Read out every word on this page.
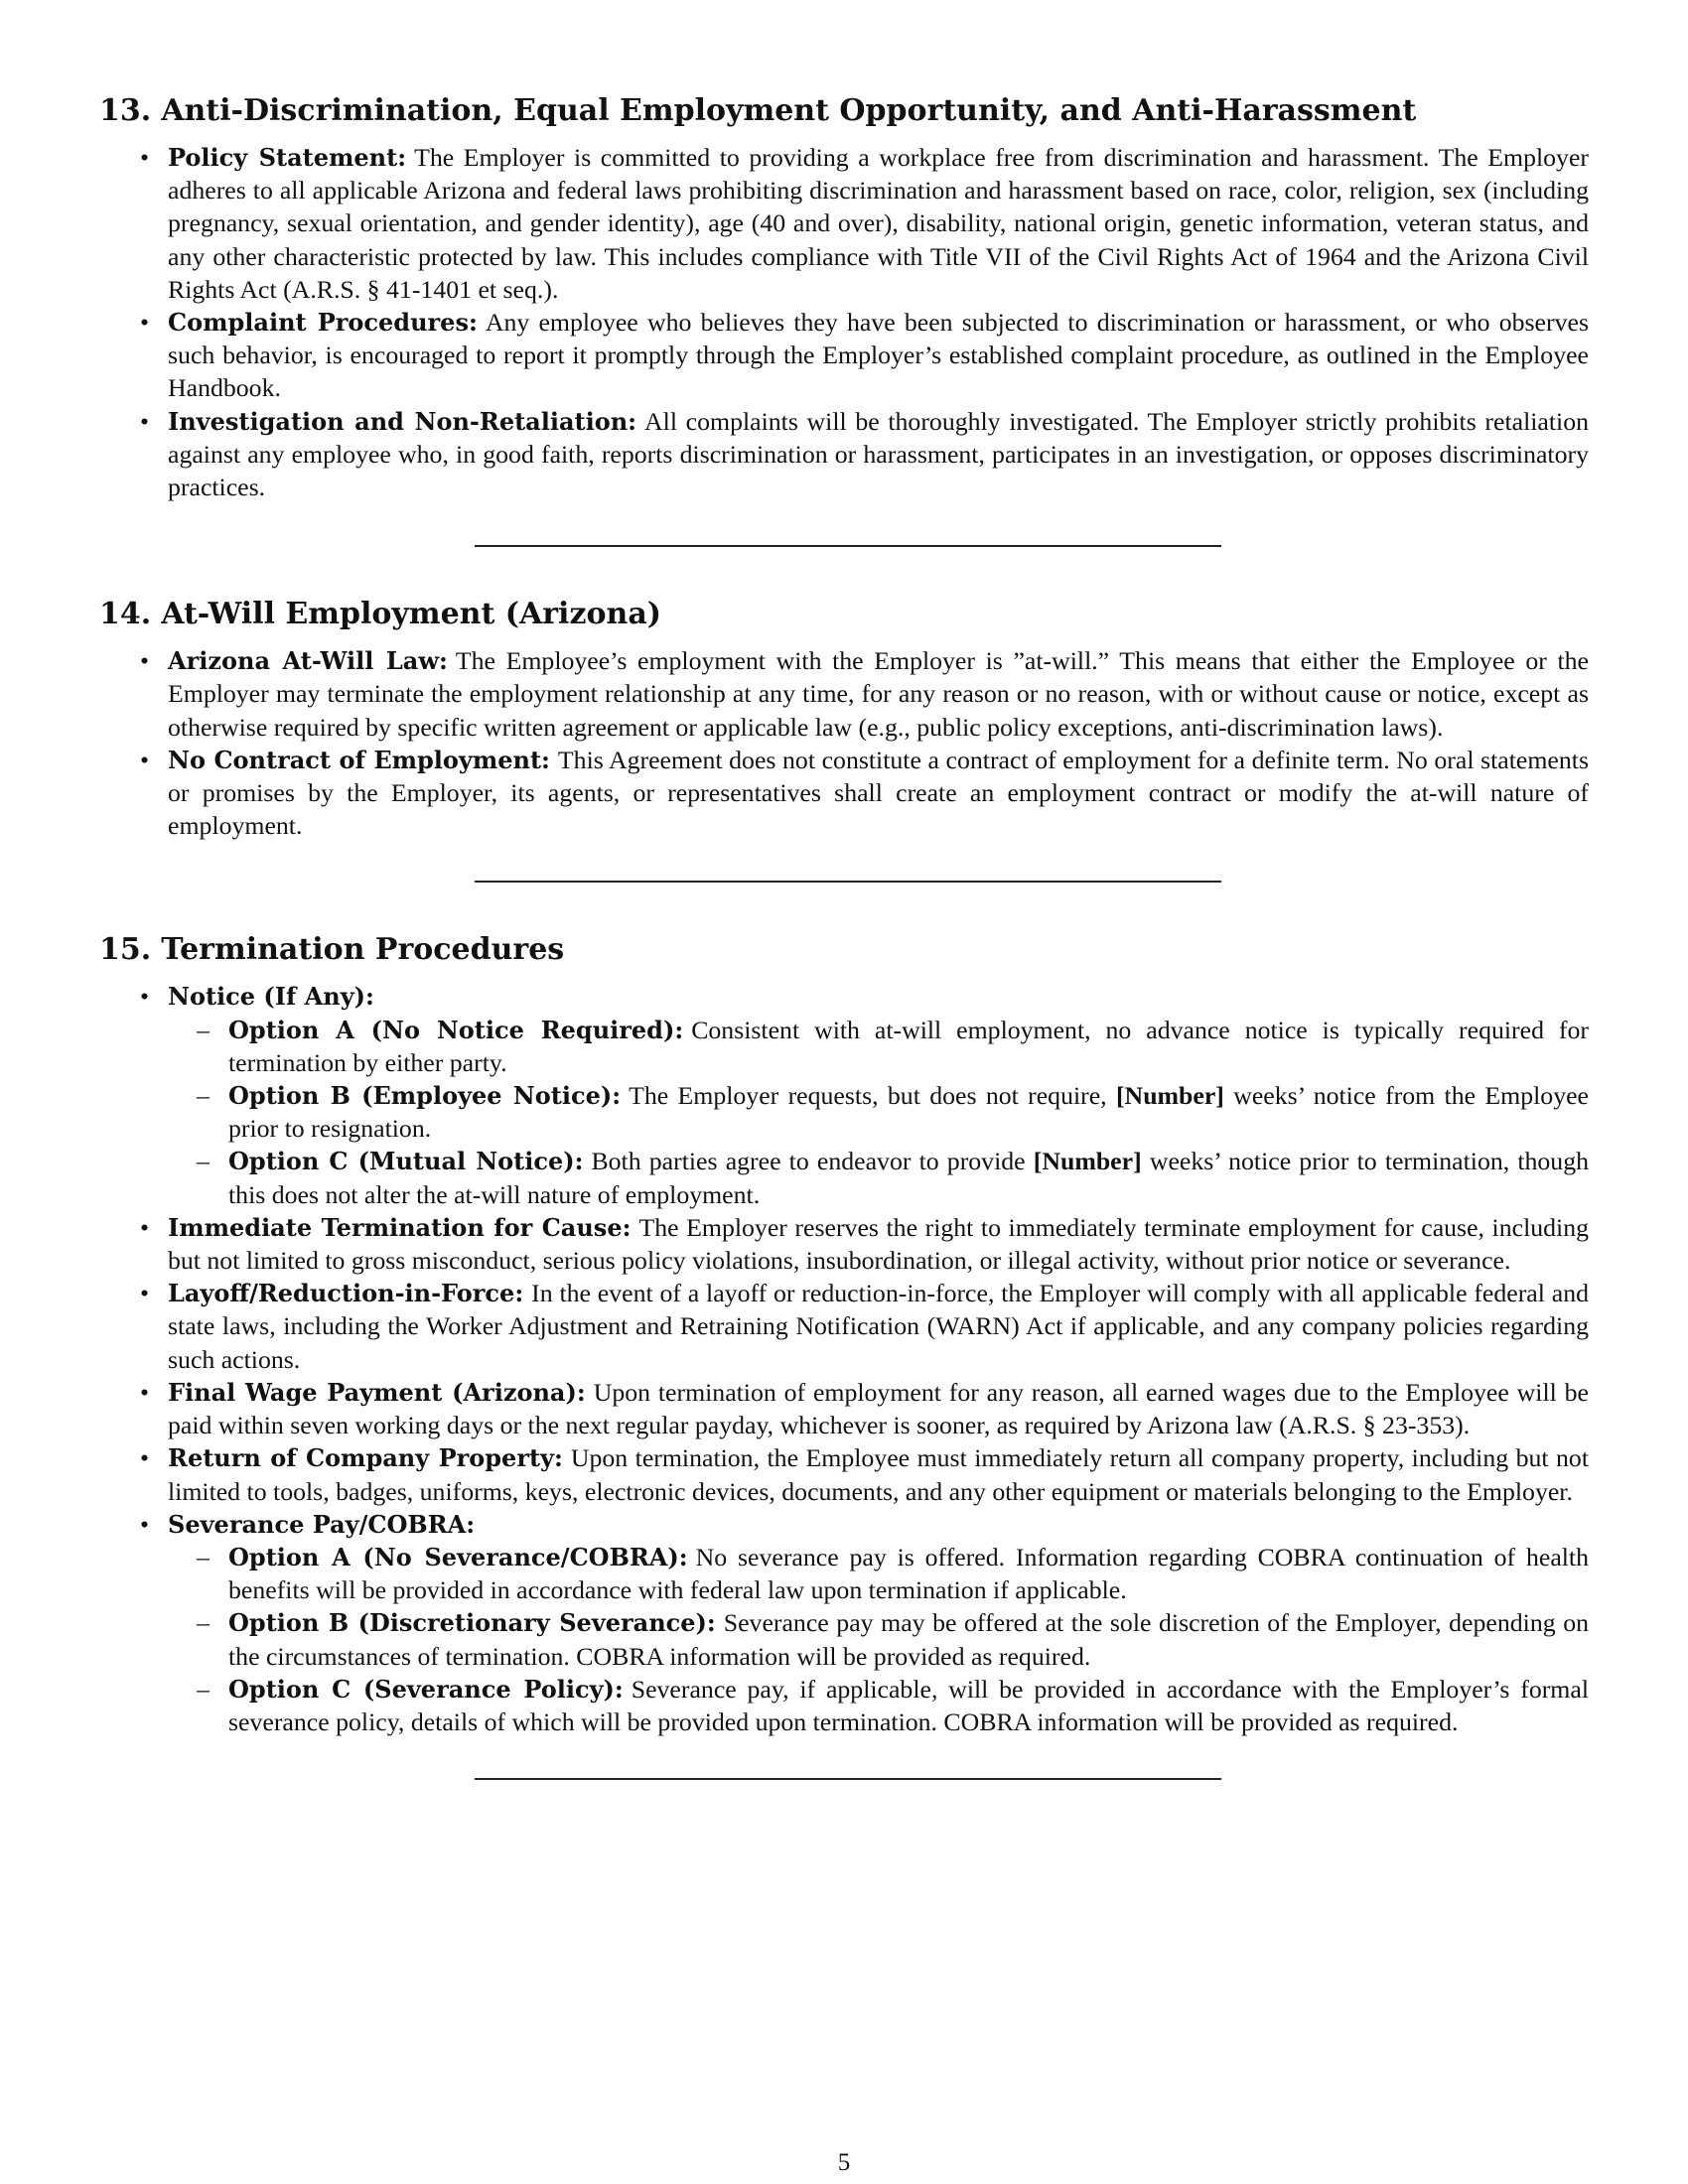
13. Anti-Discrimination, Equal Employment Opportunity, and Anti-Harassment
• Policy Statement: The Employer is committed to providing a workplace free from discrimination and harassment. The Employer adheres to all applicable Arizona and federal laws prohibiting discrimination and harassment based on race, color, religion, sex (including pregnancy, sexual orientation, and gender identity), age (40 and over), disability, national origin, genetic information, veteran status, and any other characteristic protected by law. This includes compliance with Title VII of the Civil Rights Act of 1964 and the Arizona Civil Rights Act (A.R.S. § 41-1401 et seq.).
• Complaint Procedures: Any employee who believes they have been subjected to discrimination or harassment, or who observes such behavior, is encouraged to report it promptly through the Employer’s established complaint procedure, as outlined in the Employee Handbook.
• Investigation and Non-Retaliation: All complaints will be thoroughly investigated. The Employer strictly prohibits retaliation against any employee who, in good faith, reports discrimination or harassment, participates in an investigation, or opposes discriminatory practices.
14. At-Will Employment (Arizona)
• Arizona At-Will Law: The Employee’s employment with the Employer is ”at-will.” This means that either the Employee or the Employer may terminate the employment relationship at any time, for any reason or no reason, with or without cause or notice, except as otherwise required by specific written agreement or applicable law (e.g., public policy exceptions, anti-discrimination laws).
• No Contract of Employment: This Agreement does not constitute a contract of employment for a definite term. No oral statements or promises by the Employer, its agents, or representatives shall create an employment contract or modify the at-will nature of employment.
15. Termination Procedures
• Notice (If Any):
– Option A (No Notice Required): Consistent with at-will employment, no advance notice is typically required for termination by either party.
– Option B (Employee Notice): The Employer requests, but does not require, [Number] weeks’ notice from the Employee prior to resignation.
– Option C (Mutual Notice): Both parties agree to endeavor to provide [Number] weeks’ notice prior to termination, though this does not alter the at-will nature of employment.
• Immediate Termination for Cause: The Employer reserves the right to immediately terminate employment for cause, including but not limited to gross misconduct, serious policy violations, insubordination, or illegal activity, without prior notice or severance.
• Layoff/Reduction-in-Force: In the event of a layoff or reduction-in-force, the Employer will comply with all applicable federal and state laws, including the Worker Adjustment and Retraining Notification (WARN) Act if applicable, and any company policies regarding such actions.
• Final Wage Payment (Arizona): Upon termination of employment for any reason, all earned wages due to the Employee will be paid within seven working days or the next regular payday, whichever is sooner, as required by Arizona law (A.R.S. § 23-353).
• Return of Company Property: Upon termination, the Employee must immediately return all company property, including but not limited to tools, badges, uniforms, keys, electronic devices, documents, and any other equipment or materials belonging to the Employer.
• Severance Pay/COBRA:
– Option A (No Severance/COBRA): No severance pay is offered. Information regarding COBRA continuation of health benefits will be provided in accordance with federal law upon termination if applicable.
– Option B (Discretionary Severance): Severance pay may be offered at the sole discretion of the Employer, depending on the circumstances of termination. COBRA information will be provided as required.
– Option C (Severance Policy): Severance pay, if applicable, will be provided in accordance with the Employer’s formal severance policy, details of which will be provided upon termination. COBRA information will be provided as required.
5
